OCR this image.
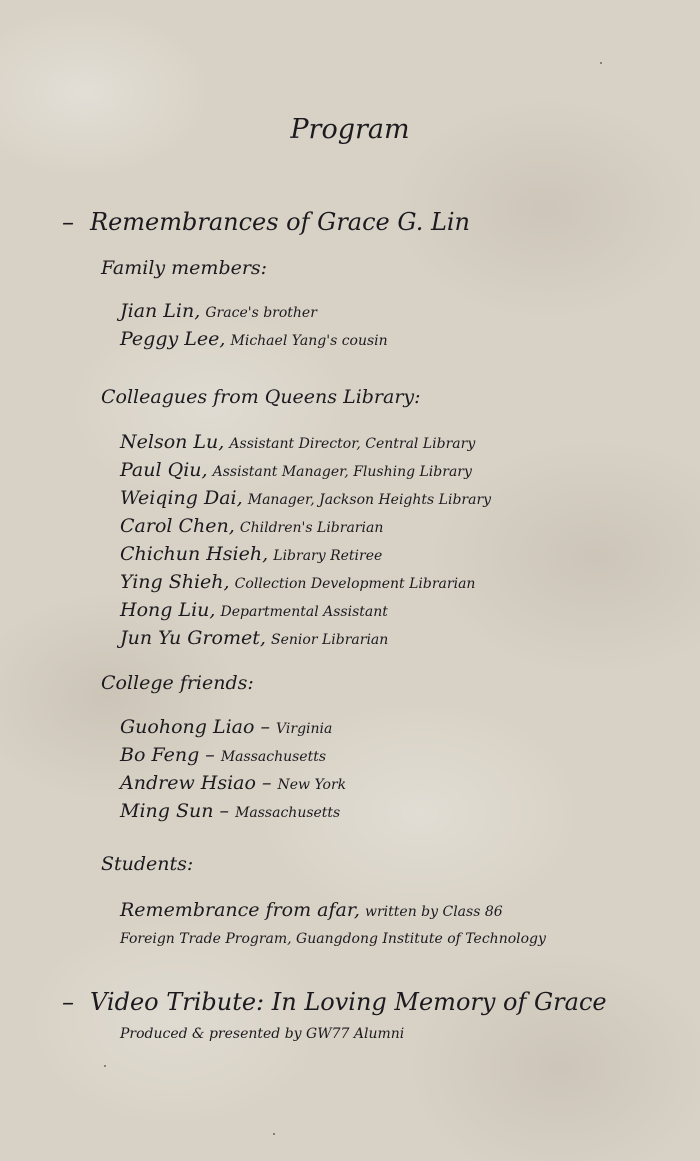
Program
– Remembrances of Grace G. Lin
Family members:
Jian Lin, Grace's brother
Peggy Lee, Michael Yang's cousin
Colleagues from Queens Library:
Nelson Lu, Assistant Director, Central Library
Paul Qiu, Assistant Manager, Flushing Library
Weiqing Dai, Manager, Jackson Heights Library
Carol Chen, Children's Librarian
Chichun Hsieh, Library Retiree
Ying Shieh, Collection Development Librarian
Hong Liu, Departmental Assistant
Jun Yu Gromet, Senior Librarian
College friends:
Guohong Liao – Virginia
Bo Feng – Massachusetts
Andrew Hsiao – New York
Ming Sun – Massachusetts
Students:
Remembrance from afar, written by Class 86
Foreign Trade Program, Guangdong Institute of Technology
– Video Tribute: In Loving Memory of Grace
Produced & presented by GW77 Alumni
